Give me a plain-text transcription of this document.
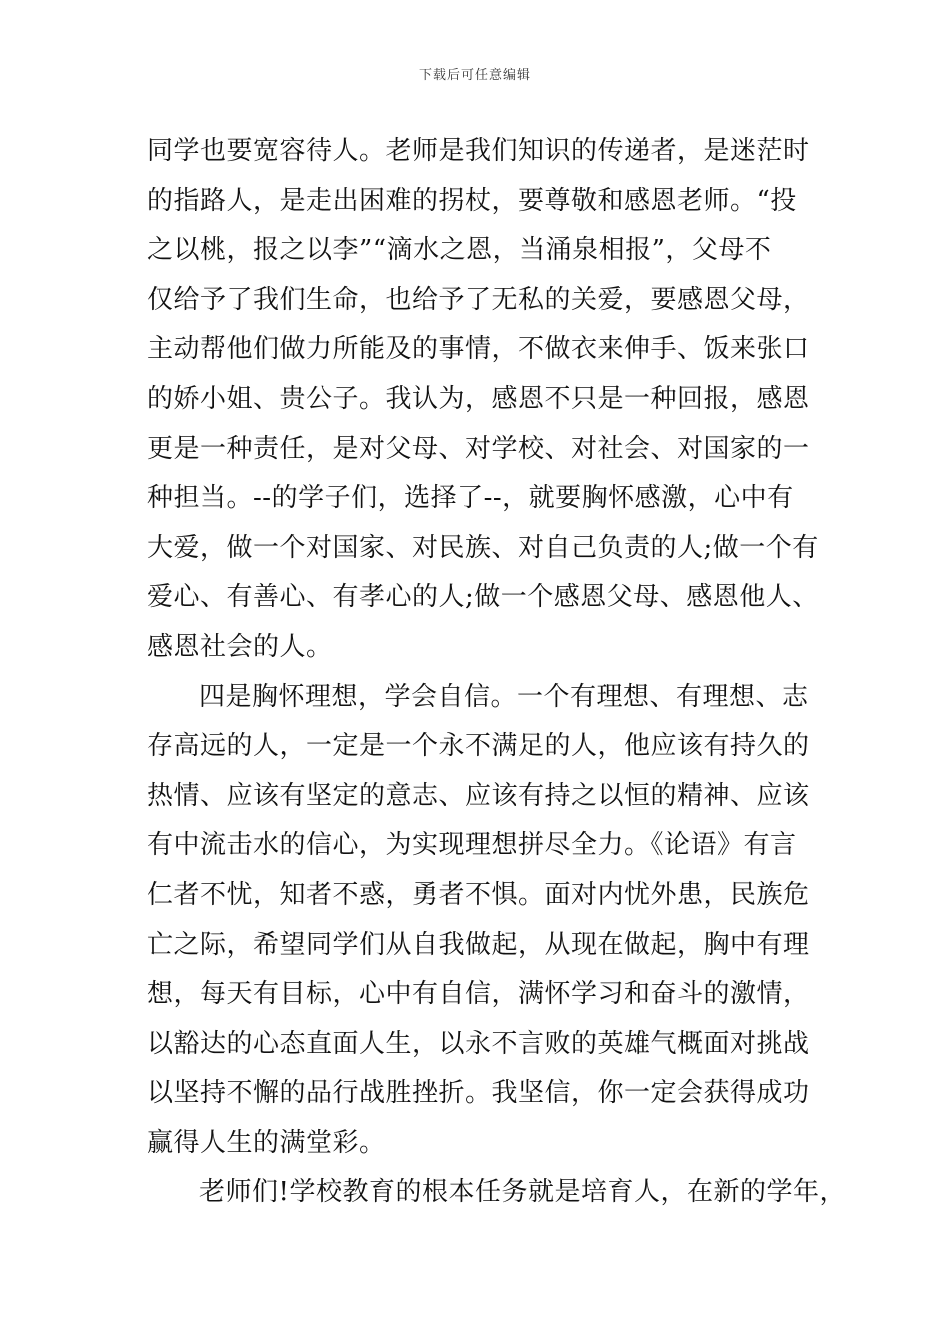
下载后可任意编辑
同学也要宽容待人。老师是我们知识的传递者，是迷茫时
的指路人，是走出困难的拐杖，要尊敬和感恩老师。“投
之以桃，报之以李”“滴水之恩，当涌泉相报”，父母不
仅给予了我们生命，也给予了无私的关爱，要感恩父母，
主动帮他们做力所能及的事情，不做衣来伸手、饭来张口
的娇小姐、贵公子。我认为，感恩不只是一种回报，感恩
更是一种责任，是对父母、对学校、对社会、对国家的一
种担当。--的学子们，选择了--，就要胸怀感激，心中有
大爱，做一个对国家、对民族、对自己负责的人;做一个有
爱心、有善心、有孝心的人;做一个感恩父母、感恩他人、
感恩社会的人。
四是胸怀理想，学会自信。一个有理想、有理想、志
存高远的人，一定是一个永不满足的人，他应该有持久的
热情、应该有坚定的意志、应该有持之以恒的精神、应该
有中流击水的信心，为实现理想拼尽全力。《论语》有言
仁者不忧，知者不惑，勇者不惧。面对内忧外患，民族危
亡之际，希望同学们从自我做起，从现在做起，胸中有理
想，每天有目标，心中有自信，满怀学习和奋斗的激情，
以豁达的心态直面人生，以永不言败的英雄气概面对挑战
以坚持不懈的品行战胜挫折。我坚信，你一定会获得成功
赢得人生的满堂彩。
老师们!学校教育的根本任务就是培育人，在新的学年，
